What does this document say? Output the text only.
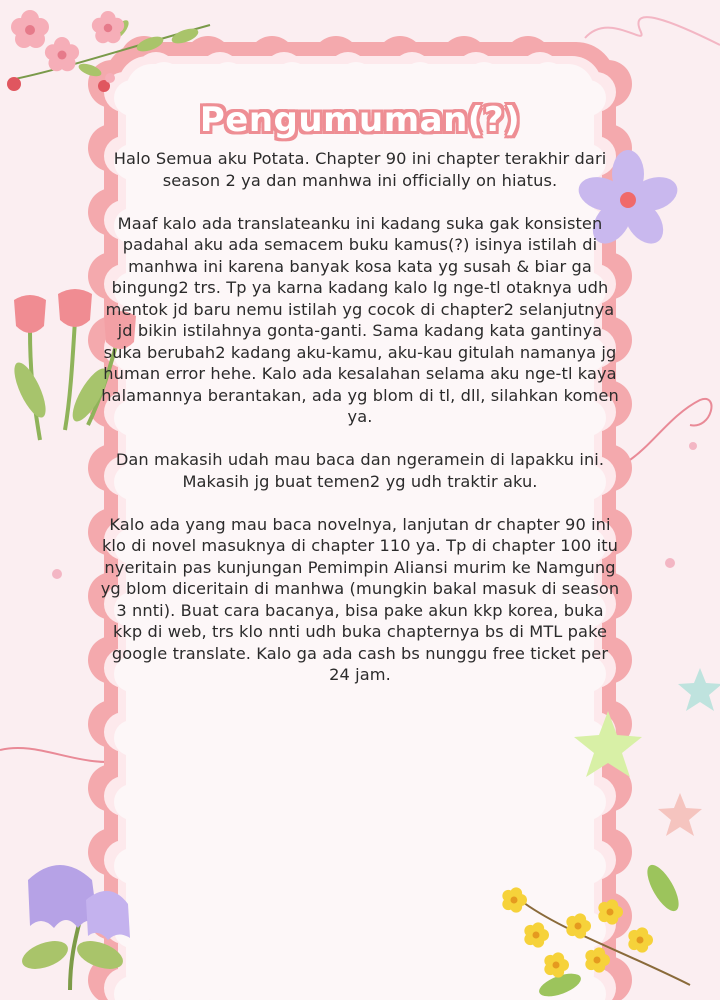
Pengumuman(?)

Halo Semua aku Potata. Chapter 90 ini chapter terakhir dari season 2 ya dan manhwa ini officially on hiatus.

Maaf kalo ada translateanku ini kadang suka gak konsisten padahal aku ada semacem buku kamus(?) isinya istilah di manhwa ini karena banyak kosa kata yg susah & biar ga bingung2 trs. Tp ya karna kadang kalo lg nge-tl otaknya udh mentok jd baru nemu istilah yg cocok di chapter2 selanjutnya jd bikin istilahnya gonta-ganti. Sama kadang kata gantinya suka berubah2 kadang aku-kamu, aku-kau gitulah namanya jg human error hehe. Kalo ada kesalahan selama aku nge-tl kaya halamannya berantakan, ada yg blom di tl, dll, silahkan komen ya.

Dan makasih udah mau baca dan ngeramein di lapakku ini. Makasih jg buat temen2 yg udh traktir aku.

Kalo ada yang mau baca novelnya, lanjutan dr chapter 90 ini klo di novel masuknya di chapter 110 ya. Tp di chapter 100 itu nyeritain pas kunjungan Pemimpin Aliansi murim ke Namgung yg blom diceritain di manhwa (mungkin bakal masuk di season 3 nnti). Buat cara bacanya, bisa pake akun kkp korea, buka kkp di web, trs klo nnti udh buka chapternya bs di MTL pake google translate. Kalo ga ada cash bs nunggu free ticket per 24 jam.
